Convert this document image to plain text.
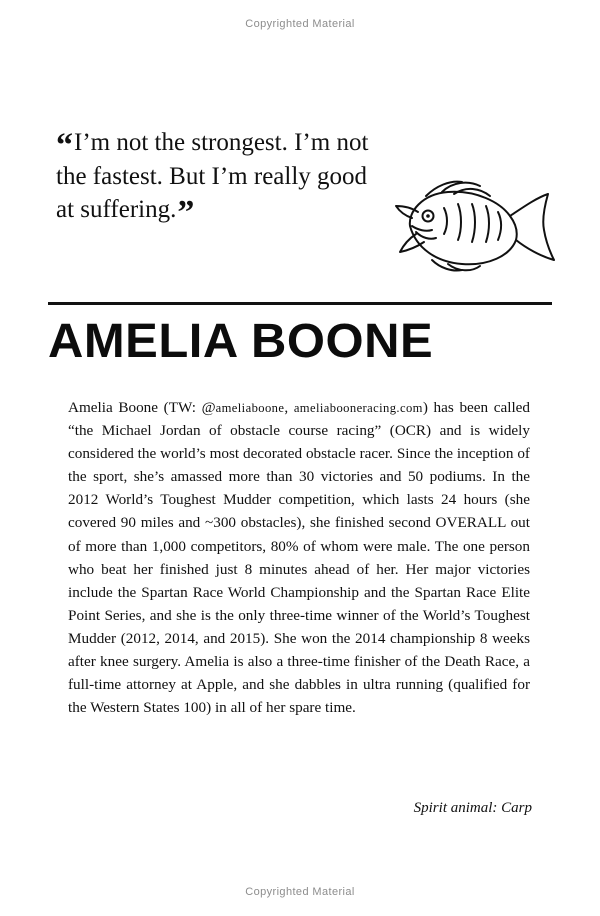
Copyrighted Material
“I’m not the strongest. I’m not the fastest. But I’m really good at suffering.”
AMELIA BOONE
Amelia Boone (TW: @ameliaboone, ameliabooneracing.com) has been called “the Michael Jordan of obstacle course racing” (OCR) and is widely considered the world’s most decorated obstacle racer. Since the inception of the sport, she’s amassed more than 30 victories and 50 podiums. In the 2012 World’s Toughest Mudder competition, which lasts 24 hours (she covered 90 miles and ~300 obstacles), she finished second OVERALL out of more than 1,000 competitors, 80% of whom were male. The one person who beat her finished just 8 minutes ahead of her. Her major victories include the Spartan Race World Championship and the Spartan Race Elite Point Series, and she is the only three-time winner of the World’s Toughest Mudder (2012, 2014, and 2015). She won the 2014 championship 8 weeks after knee surgery. Amelia is also a three-time finisher of the Death Race, a full-time attorney at Apple, and she dabbles in ultra running (qualified for the Western States 100) in all of her spare time.
Spirit animal: Carp
Copyrighted Material
